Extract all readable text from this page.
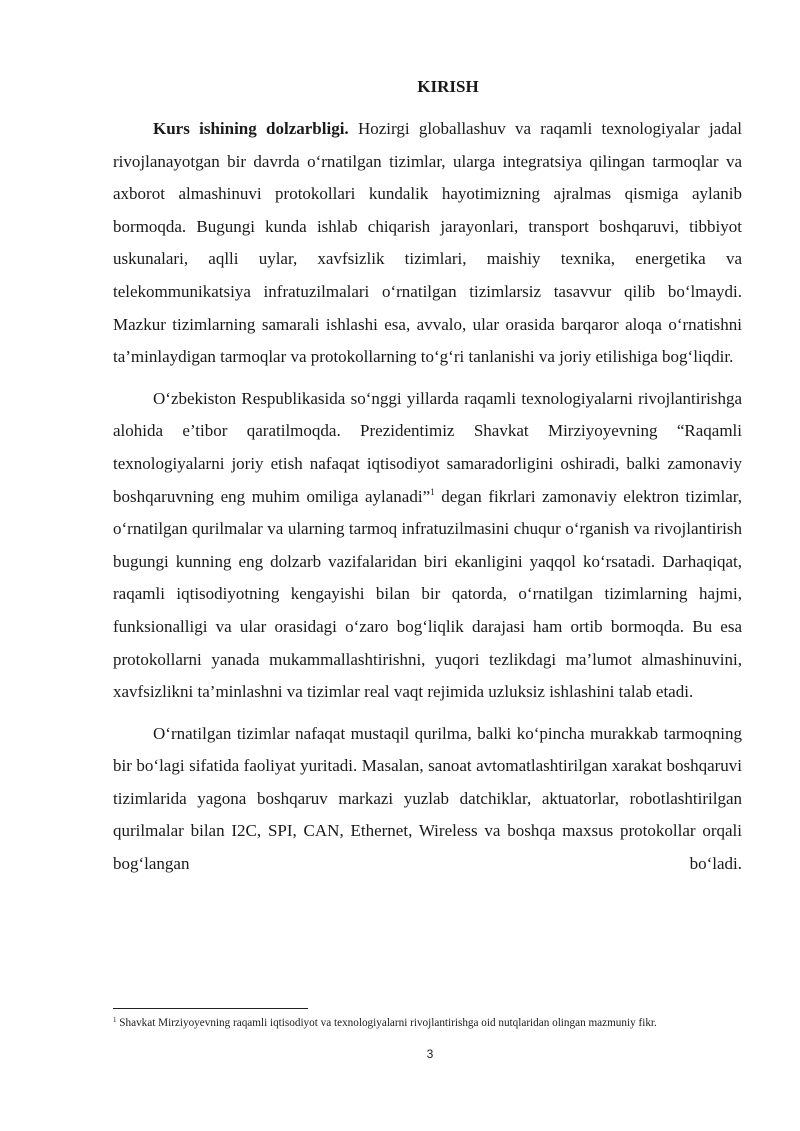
KIRISH

Kurs ishining dolzarbligi. Hozirgi globallashuv va raqamli texnologiyalar jadal rivojlanayotgan bir davrda o‘rnatilgan tizimlar, ularga integratsiya qilingan tarmoqlar va axborot almashinuvi protokollari kundalik hayotimizning ajralmas qismiga aylanib bormoqda. Bugungi kunda ishlab chiqarish jarayonlari, transport boshqaruvi, tibbiyot uskunalari, aqlli uylar, xavfsizlik tizimlari, maishiy texnika, energetika va telekommunikatsiya infratuzilmalari o‘rnatilgan tizimlarsiz tasavvur qilib bo‘lmaydi. Mazkur tizimlarning samarali ishlashi esa, avvalo, ular orasida barqaror aloqa o‘rnatishni ta’minlaydigan tarmoqlar va protokollarning to‘g‘ri tanlanishi va joriy etilishiga bog‘liqdir.

O‘zbekiston Respublikasida so‘nggi yillarda raqamli texnologiyalarni rivojlantirishga alohida e’tibor qaratilmoqda. Prezidentimiz Shavkat Mirziyoyevning “Raqamli texnologiyalarni joriy etish nafaqat iqtisodiyot samaradorligini oshiradi, balki zamonaviy boshqaruvning eng muhim omiliga aylanadi”$^1$ degan fikrlari zamonaviy elektron tizimlar, o‘rnatilgan qurilmalar va ularning tarmoq infratuzilmasini chuqur o‘rganish va rivojlantirish bugungi kunning eng dolzarb vazifalaridan biri ekanligini yaqqol ko‘rsatadi. Darhaqiqat, raqamli iqtisodiyotning kengayishi bilan bir qatorda, o‘rnatilgan tizimlarning hajmi, funksionalligi va ular orasidagi o‘zaro bog‘liqlik darajasi ham ortib bormoqda. Bu esa protokollarni yanada mukammallashtirishni, yuqori tezlikdagi ma’lumot almashinuvini, xavfsizlikni ta’minlashni va tizimlar real vaqt rejimida uzluksiz ishlashini talab etadi.

O‘rnatilgan tizimlar nafaqat mustaqil qurilma, balki ko‘pincha murakkab tarmoqning bir bo‘lagi sifatida faoliyat yuritadi. Masalan, sanoat avtomatlashtirilgan xarakat boshqaruvi tizimlarida yagona boshqaruv markazi yuzlab datchiklar, aktuatorlar, robotlashtirilgan qurilmalar bilan I2C, SPI, CAN, Ethernet, Wireless va boshqa maxsus protokollar orqali bog‘langan bo‘ladi.

$^1$ Shavkat Mirziyoyevning raqamli iqtisodiyot va texnologiyalarni rivojlantirishga oid nutqlaridan olingan mazmuniy fikr.
3
